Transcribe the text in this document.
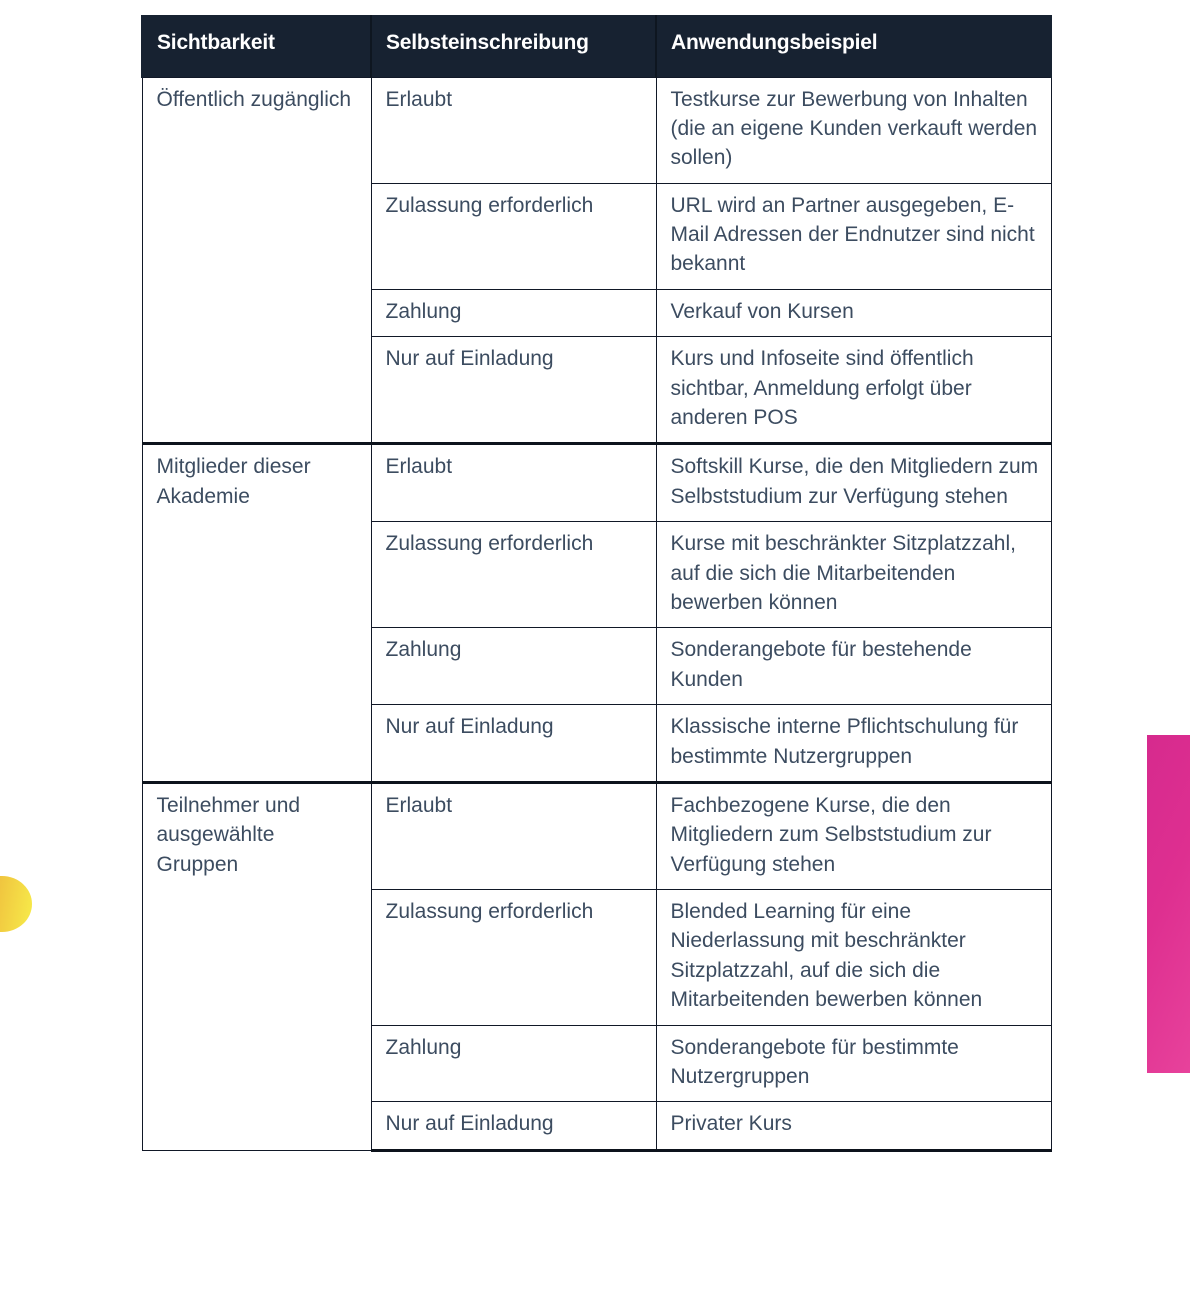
Sichtbarkeit	Selbsteinschreibung	Anwendungsbeispiel
Öffentlich zugänglich	Erlaubt	Testkurse zur Bewerbung von Inhalten (die an eigene Kunden verkauft werden sollen)
	Zulassung erforderlich	URL wird an Partner ausgegeben, E-Mail Adressen der Endnutzer sind nicht bekannt
	Zahlung	Verkauf von Kursen
	Nur auf Einladung	Kurs und Infoseite sind öffentlich sichtbar, Anmeldung erfolgt über anderen POS
Mitglieder dieser Akademie	Erlaubt	Softskill Kurse, die den Mitgliedern zum Selbststudium zur Verfügung stehen
	Zulassung erforderlich	Kurse mit beschränkter Sitzplatzzahl, auf die sich die Mitarbeitenden bewerben können
	Zahlung	Sonderangebote für bestehende Kunden
	Nur auf Einladung	Klassische interne Pflichtschulung für bestimmte Nutzergruppen
Teilnehmer und ausgewählte Gruppen	Erlaubt	Fachbezogene Kurse, die den Mitgliedern zum Selbststudium zur Verfügung stehen
	Zulassung erforderlich	Blended Learning für eine Niederlassung mit beschränkter Sitzplatzzahl, auf die sich die Mitarbeitenden bewerben können
	Zahlung	Sonderangebote für bestimmte Nutzergruppen
	Nur auf Einladung	Privater Kurs
